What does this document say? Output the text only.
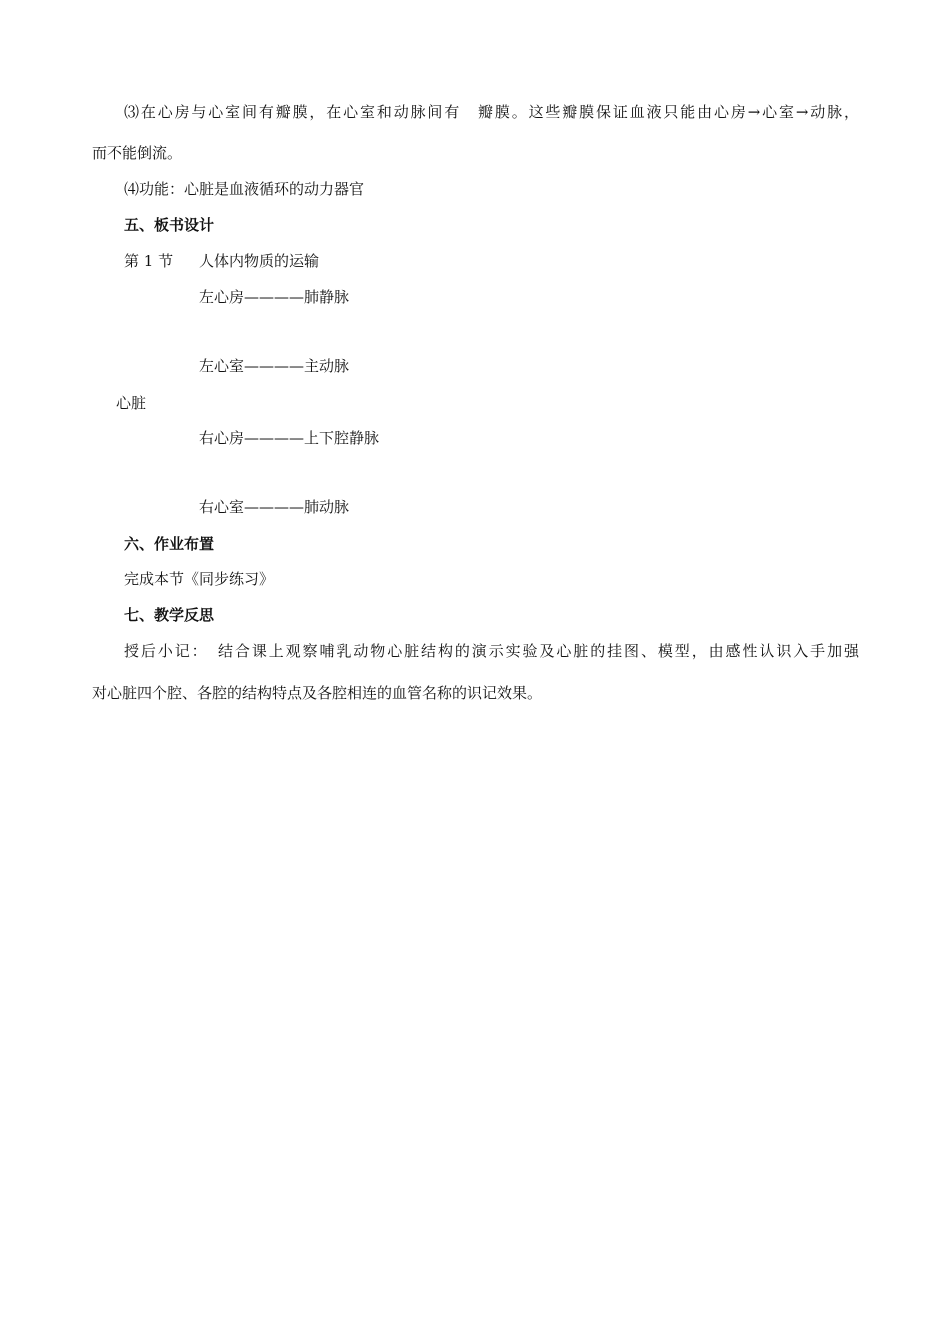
⑶在心房与心室间有瓣膜，在心室和动脉间有　瓣膜。这些瓣膜保证血液只能由心房→心室→动脉，
而不能倒流。
⑷功能：心脏是血液循环的动力器官
五、板书设计
第 1 节 人体内物质的运输
左心房————肺静脉
左心室————主动脉
心脏
右心房————上下腔静脉
右心室————肺动脉
六、作业布置
完成本节《同步练习》
七、教学反思
授后小记：　结合课上观察哺乳动物心脏结构的演示实验及心脏的挂图、模型，由感性认识入手加强
对心脏四个腔、各腔的结构特点及各腔相连的血管名称的识记效果。
